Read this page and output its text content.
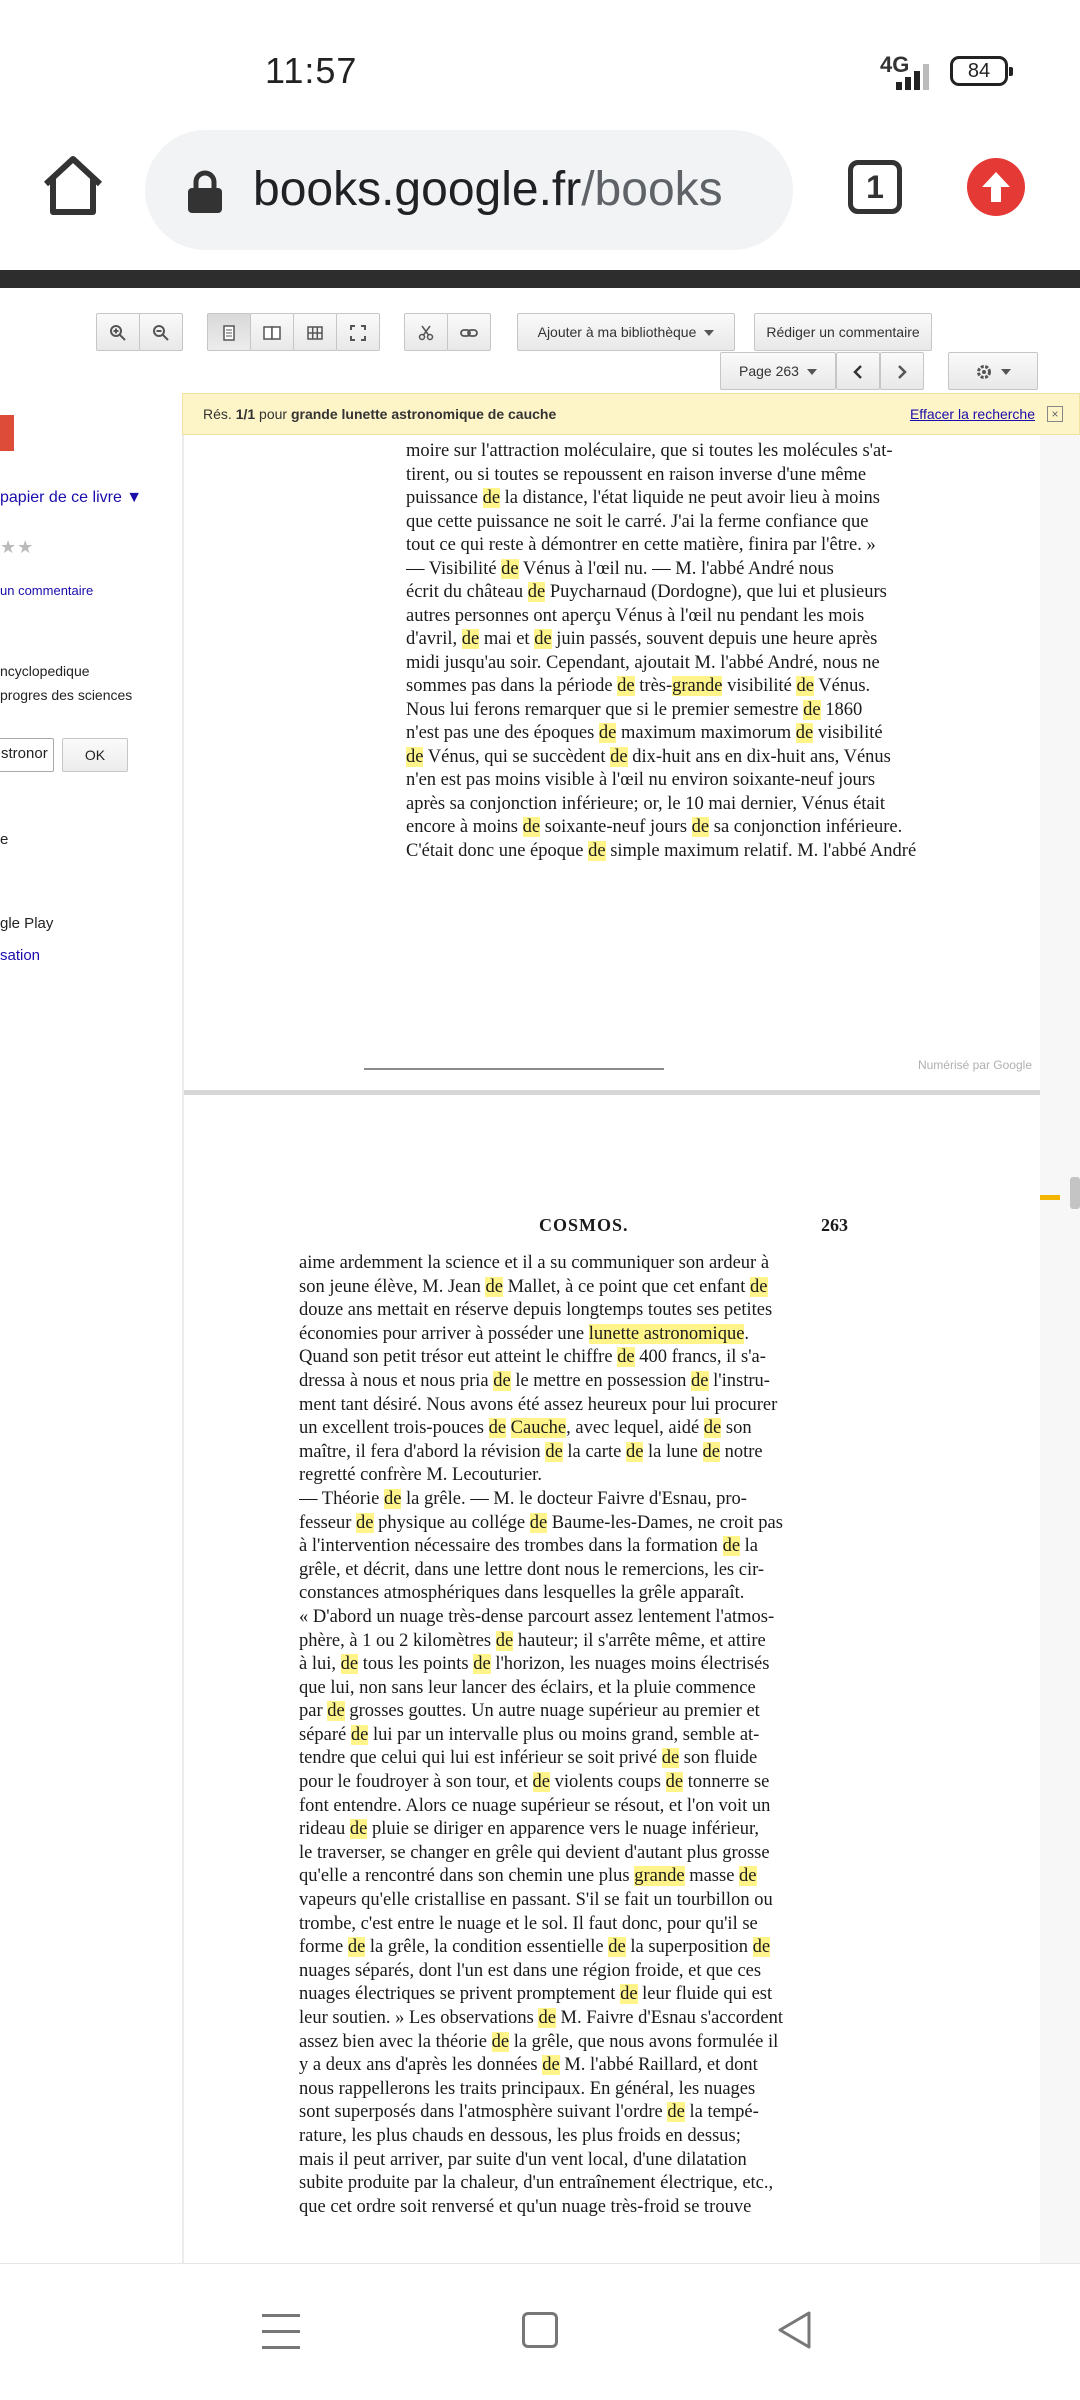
11:57	4G	84
books.google.fr/books	1
Ajouter à ma bibliothèque	Rédiger un commentaire
Page 263
Rés. 1/1 pour grande lunette astronomique de cauche	Effacer la recherche	×
papier de ce livre ▼
★★
un commentaire
ncyclopedique
progres des sciences
stronor	OK
e
gle Play
sation

moire sur l'attraction moléculaire, que si toutes les molécules s'at-

tirent, ou si toutes se repoussent en raison inverse d'une même

puissance de la distance, l'état liquide ne peut avoir lieu à moins

que cette puissance ne soit le carré. J'ai la ferme confiance que

tout ce qui reste à démontrer en cette matière, finira par l'être. »

— Visibilité de Vénus à l'œil nu. — M. l'abbé André nous

écrit du château de Puycharnaud (Dordogne), que lui et plusieurs

autres personnes ont aperçu Vénus à l'œil nu pendant les mois

d'avril, de mai et de juin passés, souvent depuis une heure après

midi jusqu'au soir. Cependant, ajoutait M. l'abbé André, nous ne

sommes pas dans la période de très-grande visibilité de Vénus.

Nous lui ferons remarquer que si le premier semestre de 1860

n'est pas une des époques de maximum maximorum de visibilité

de Vénus, qui se succèdent de dix-huit ans en dix-huit ans, Vénus

n'en est pas moins visible à l'œil nu environ soixante-neuf jours

après sa conjonction inférieure; or, le 10 mai dernier, Vénus était

encore à moins de soixante-neuf jours de sa conjonction inférieure.

C'était donc une époque de simple maximum relatif. M. l'abbé André

Numérisé par Google
COSMOS.	263

aime ardemment la science et il a su communiquer son ardeur à

son jeune élève, M. Jean de Mallet, à ce point que cet enfant de

douze ans mettait en réserve depuis longtemps toutes ses petites

économies pour arriver à posséder une lunette astronomique.

Quand son petit trésor eut atteint le chiffre de 400 francs, il s'a-

dressa à nous et nous pria de le mettre en possession de l'instru-

ment tant désiré. Nous avons été assez heureux pour lui procurer

un excellent trois-pouces de Cauche, avec lequel, aidé de son

maître, il fera d'abord la révision de la carte de la lune de notre

regretté confrère M. Lecouturier.

— Théorie de la grêle. — M. le docteur Faivre d'Esnau, pro-

fesseur de physique au collége de Baume-les-Dames, ne croit pas

à l'intervention nécessaire des trombes dans la formation de la

grêle, et décrit, dans une lettre dont nous le remercions, les cir-

constances atmosphériques dans lesquelles la grêle apparaît.

« D'abord un nuage très-dense parcourt assez lentement l'atmos-

phère, à 1 ou 2 kilomètres de hauteur; il s'arrête même, et attire

à lui, de tous les points de l'horizon, les nuages moins électrisés

que lui, non sans leur lancer des éclairs, et la pluie commence

par de grosses gouttes. Un autre nuage supérieur au premier et

séparé de lui par un intervalle plus ou moins grand, semble at-

tendre que celui qui lui est inférieur se soit privé de son fluide

pour le foudroyer à son tour, et de violents coups de tonnerre se

font entendre. Alors ce nuage supérieur se résout, et l'on voit un

rideau de pluie se diriger en apparence vers le nuage inférieur,

le traverser, se changer en grêle qui devient d'autant plus grosse

qu'elle a rencontré dans son chemin une plus grande masse de

vapeurs qu'elle cristallise en passant. S'il se fait un tourbillon ou

trombe, c'est entre le nuage et le sol. Il faut donc, pour qu'il se

forme de la grêle, la condition essentielle de la superposition de

nuages séparés, dont l'un est dans une région froide, et que ces

nuages électriques se privent promptement de leur fluide qui est

leur soutien. » Les observations de M. Faivre d'Esnau s'accordent

assez bien avec la théorie de la grêle, que nous avons formulée il

y a deux ans d'après les données de M. l'abbé Raillard, et dont

nous rappellerons les traits principaux. En général, les nuages

sont superposés dans l'atmosphère suivant l'ordre de la tempé-

rature, les plus chauds en dessous, les plus froids en dessus;

mais il peut arriver, par suite d'un vent local, d'une dilatation

subite produite par la chaleur, d'un entraînement électrique, etc.,

que cet ordre soit renversé et qu'un nuage très-froid se trouve
